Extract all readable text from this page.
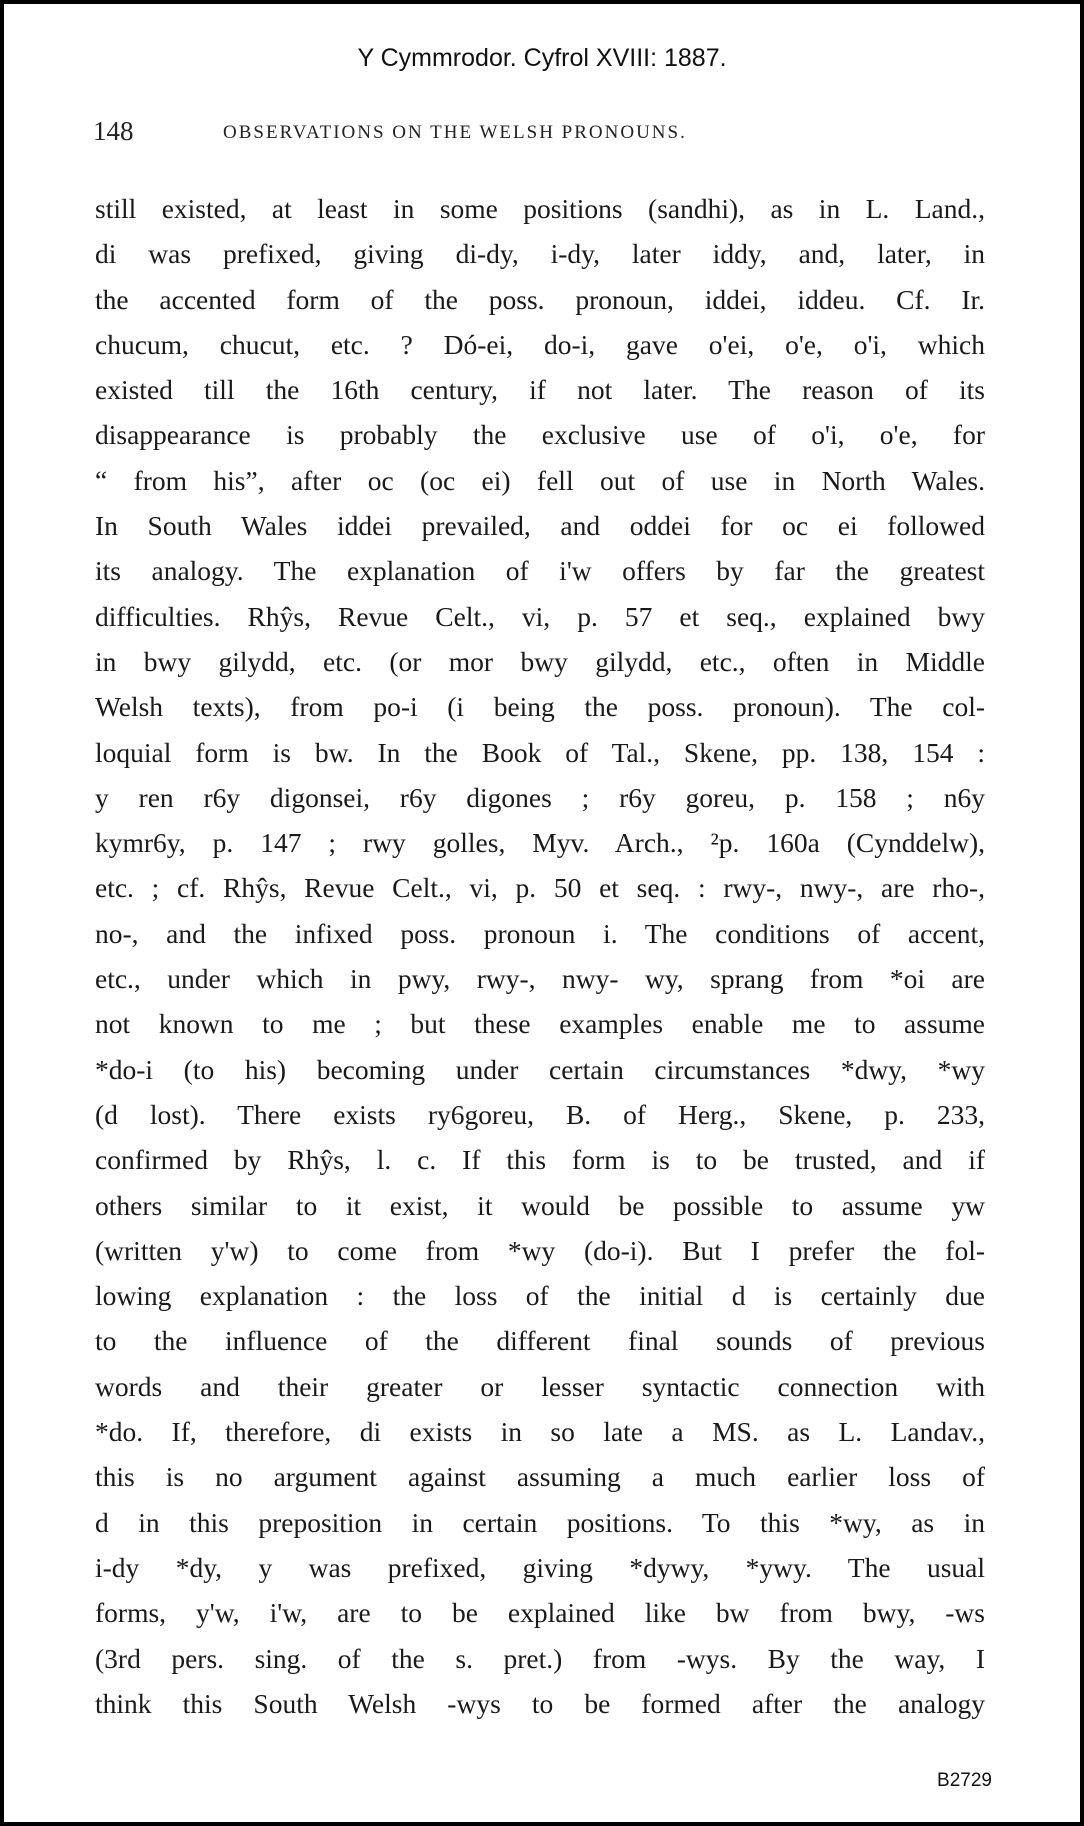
Y Cymmrodor. Cyfrol XVIII: 1887.
148	OBSERVATIONS ON THE WELSH PRONOUNS.
still existed, at least in some positions (sandhi), as in L. Land.,
di was prefixed, giving di-dy, i-dy, later iddy, and, later, in
the accented form of the poss. pronoun, iddei, iddeu. Cf. Ir.
chucum, chucut, etc. ? Dó-ei, do-i, gave o'ei, o'e, o'i, which
existed till the 16th century, if not later. The reason of its
disappearance is probably the exclusive use of o'i, o'e, for
“ from his”, after oc (oc ei) fell out of use in North Wales.
In South Wales iddei prevailed, and oddei for oc ei followed
its analogy. The explanation of i'w offers by far the greatest
difficulties. Rhŷs, Revue Celt., vi, p. 57 et seq., explained bwy
in bwy gilydd, etc. (or mor bwy gilydd, etc., often in Middle
Welsh texts), from po-i (i being the poss. pronoun). The col-
loquial form is bw. In the Book of Tal., Skene, pp. 138, 154 :
y ren r6y digonsei, r6y digones ; r6y goreu, p. 158 ; n6y
kymr6y, p. 147 ; rwy golles, Myv. Arch., ²p. 160a (Cynddelw),
etc. ; cf. Rhŷs, Revue Celt., vi, p. 50 et seq. : rwy-, nwy-, are rho-,
no-, and the infixed poss. pronoun i. The conditions of accent,
etc., under which in pwy, rwy-, nwy- wy, sprang from *oi are
not known to me ; but these examples enable me to assume
*do-i (to his) becoming under certain circumstances *dwy, *wy
(d lost). There exists ry6goreu, B. of Herg., Skene, p. 233,
confirmed by Rhŷs, l. c. If this form is to be trusted, and if
others similar to it exist, it would be possible to assume yw
(written y'w) to come from *wy (do-i). But I prefer the fol-
lowing explanation : the loss of the initial d is certainly due
to the influence of the different final sounds of previous
words and their greater or lesser syntactic connection with
*do. If, therefore, di exists in so late a MS. as L. Landav.,
this is no argument against assuming a much earlier loss of
d in this preposition in certain positions. To this *wy, as in
i-dy *dy, y was prefixed, giving *dywy, *ywy. The usual
forms, y'w, i'w, are to be explained like bw from bwy, -ws
(3rd pers. sing. of the s. pret.) from -wys. By the way, I
think this South Welsh -wys to be formed after the analogy
B2729
